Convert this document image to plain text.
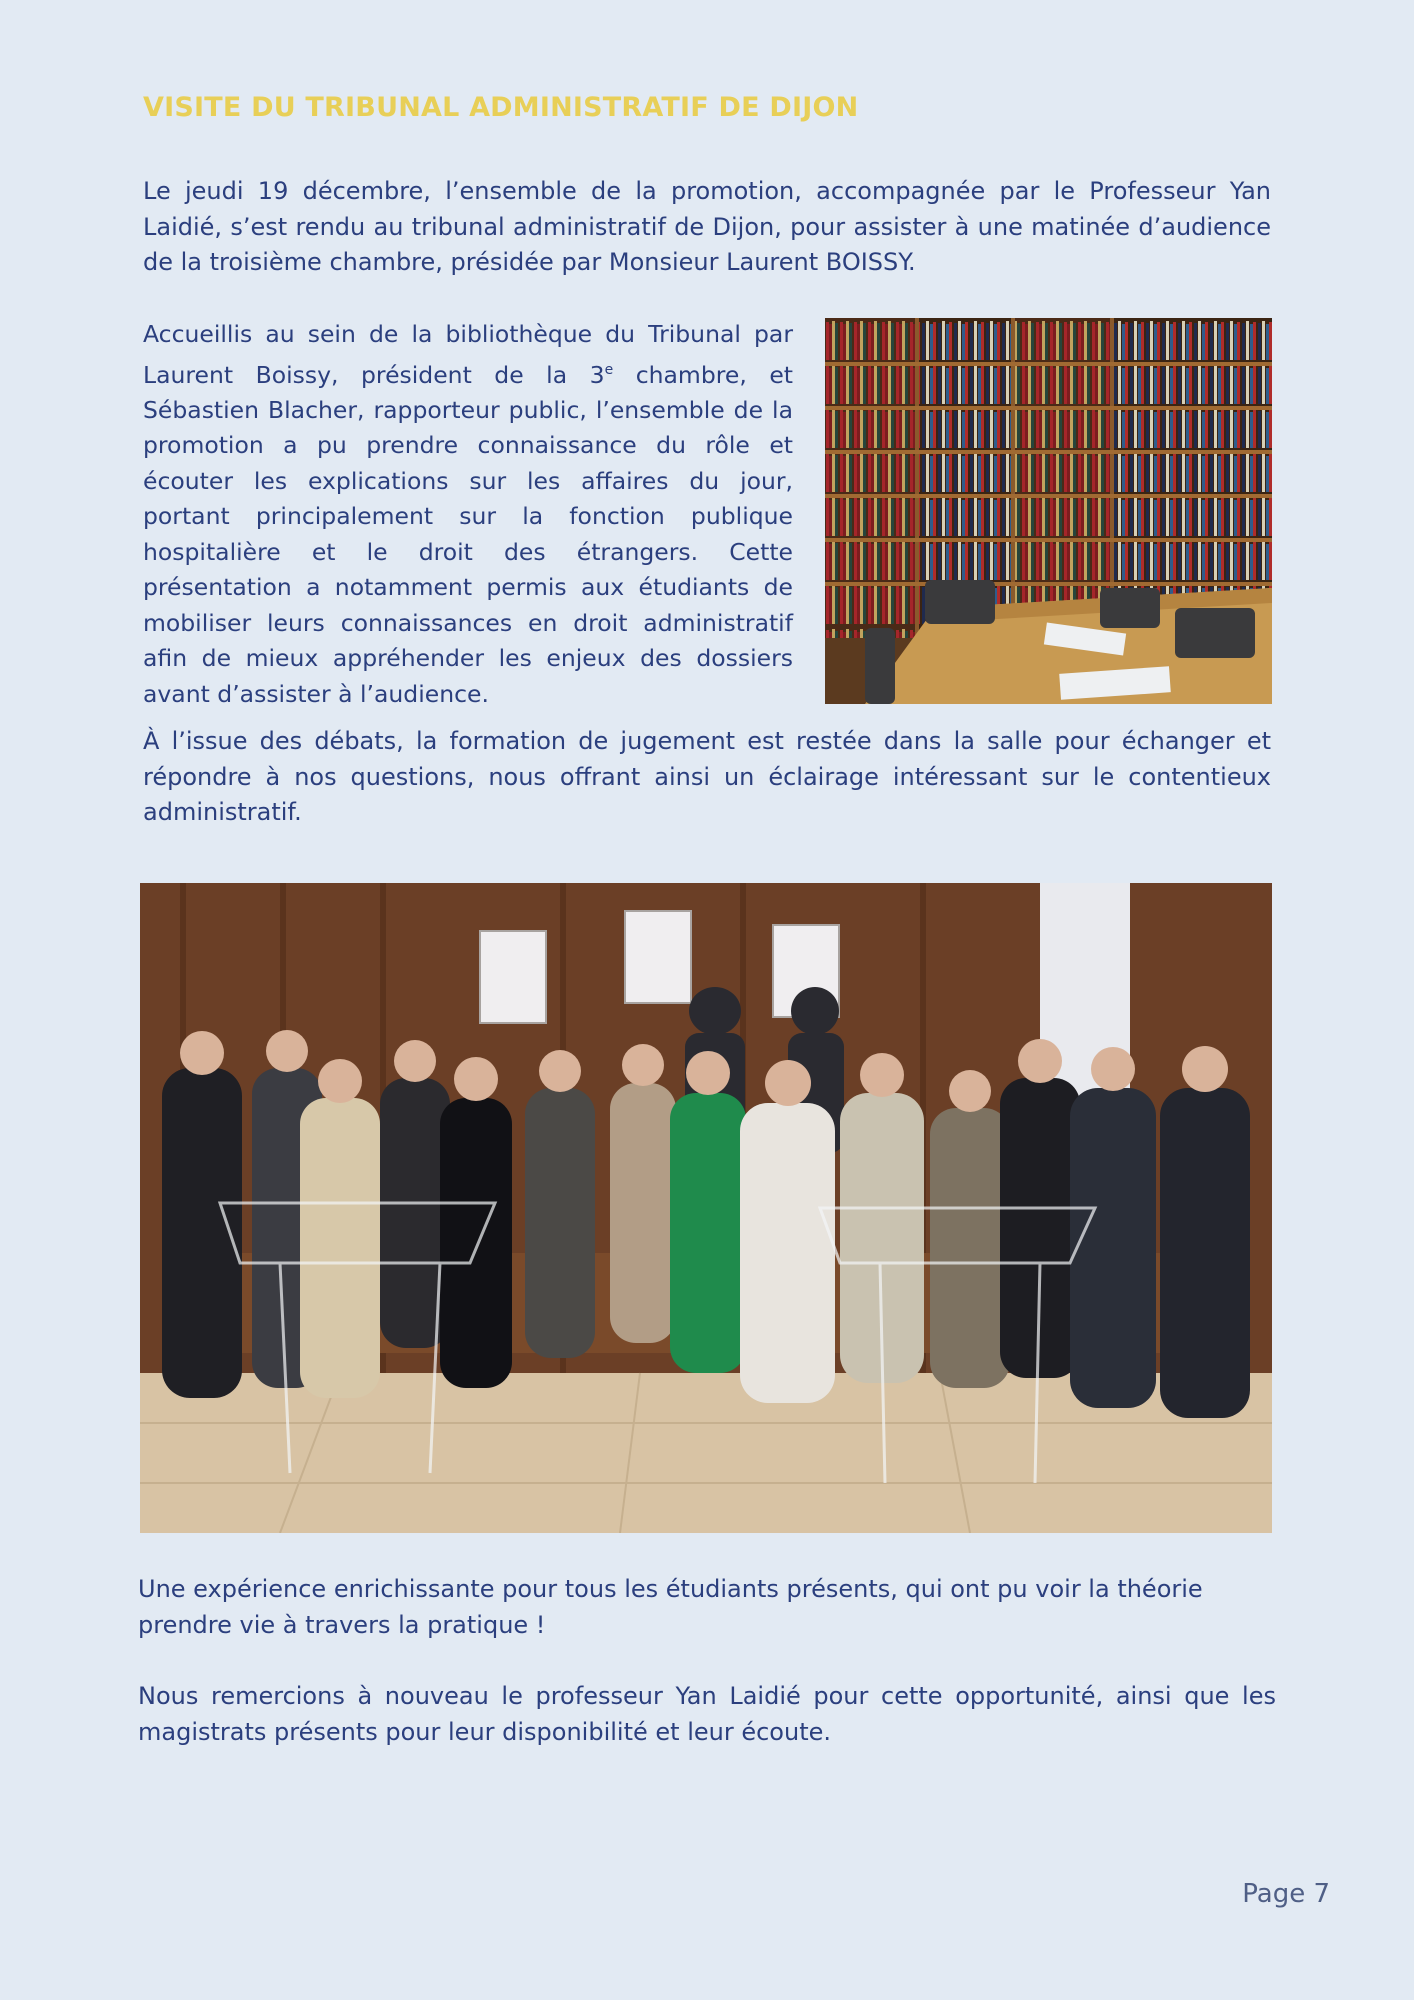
VISITE DU TRIBUNAL ADMINISTRATIF DE DIJON

Le jeudi 19 décembre, l’ensemble de la promotion, accompagnée par le Professeur Yan Laidié, s’est rendu au tribunal administratif de Dijon, pour assister à une matinée d’audience de la troisième chambre, présidée par Monsieur Laurent BOISSY.

Accueillis au sein de la bibliothèque du Tribunal par Laurent Boissy, président de la 3e chambre, et Sébastien Blacher, rapporteur public, l’ensemble de la promotion a pu prendre connaissance du rôle et écouter les explications sur les affaires du jour, portant principalement sur la fonction publique hospitalière et le droit des étrangers. Cette présentation a notamment permis aux étudiants de mobiliser leurs connaissances en droit administratif afin de mieux appréhender les enjeux des dossiers avant d’assister à l’audience.

À l’issue des débats, la formation de jugement est restée dans la salle pour échanger et répondre à nos questions, nous offrant ainsi un éclairage intéressant sur le contentieux administratif.

Une expérience enrichissante pour tous les étudiants présents, qui ont pu voir la théorie prendre vie à travers la pratique !

Nous remercions à nouveau le professeur Yan Laidié pour cette opportunité, ainsi que les magistrats présents pour leur disponibilité et leur écoute.

Page 7
